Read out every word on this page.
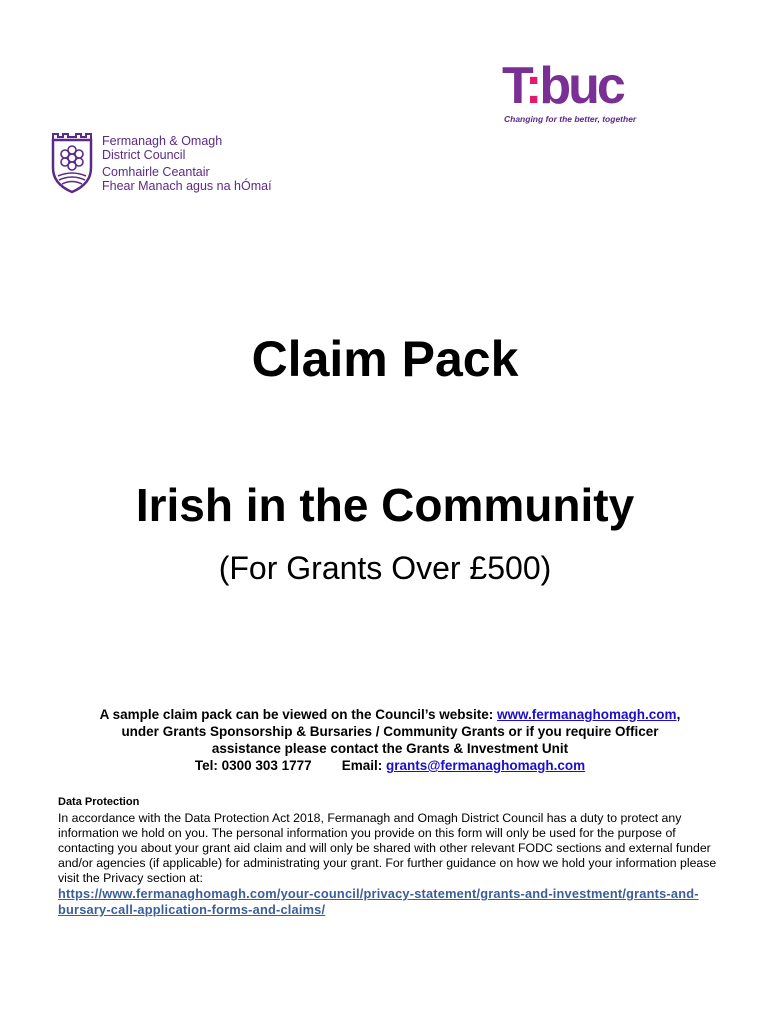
Fermanagh & Omagh
District Council
Comhairle Ceantair
Fhear Manach agus na hÓmaí
T:buc
Changing for the better, together
Claim Pack
Irish in the Community
(For Grants Over £500)
A sample claim pack can be viewed on the Council’s website: www.fermanaghomagh.com,
under Grants Sponsorship & Bursaries / Community Grants or if you require Officer
assistance please contact the Grants & Investment Unit
Tel: 0300 303 1777 Email: grants@fermanaghomagh.com
Data Protection
In accordance with the Data Protection Act 2018, Fermanagh and Omagh District Council has a duty to protect any information we hold on you. The personal information you provide on this form will only be used for the purpose of contacting you about your grant aid claim and will only be shared with other relevant FODC sections and external funder and/or agencies (if applicable) for administrating your grant. For further guidance on how we hold your information please visit the Privacy section at:
https://www.fermanaghomagh.com/your-council/privacy-statement/grants-and-investment/grants-and-bursary-call-application-forms-and-claims/
